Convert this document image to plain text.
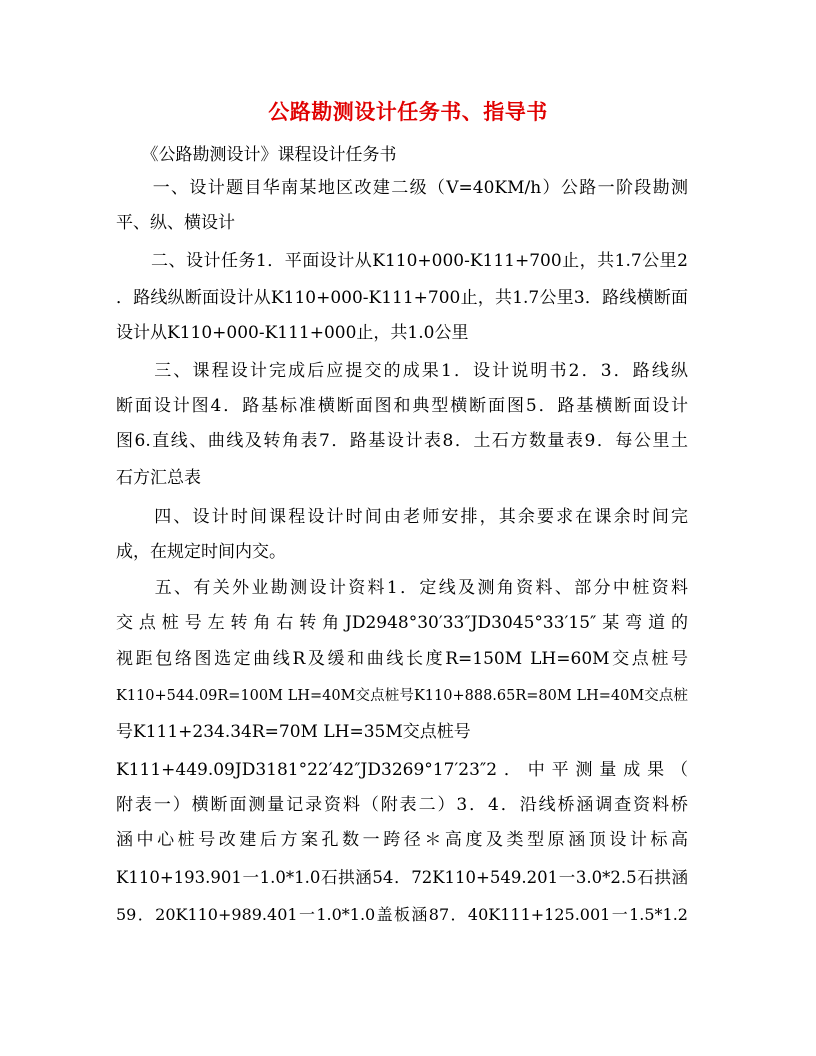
公路勘测设计任务书、指导书
　　《公路勘测设计》课程设计任务书
　　一、设计题目华南某地区改建二级（V=40KM/h）公路一阶段勘测
平、纵、横设计
　　二、设计任务1．平面设计从K110+000-K111+700止，共1.7公里2
．路线纵断面设计从K110+000-K111+700止，共1.7公里3．路线横断面
设计从K110+000-K111+000止，共1.0公里
　　三、课程设计完成后应提交的成果1．设计说明书2．3．路线纵
断面设计图4．路基标准横断面图和典型横断面图5．路基横断面设计
图6.直线、曲线及转角表7．路基设计表8．土石方数量表9．每公里土
石方汇总表
　　四、设计时间课程设计时间由老师安排，其余要求在课余时间完
成，在规定时间内交。
　　五、有关外业勘测设计资料1．定线及测角资料、部分中桩资料
交点桩号左转角右转角JD2948°30′33″JD3045°33′15″某弯道的
视距包络图选定曲线R及缓和曲线长度R=150M LH=60M交点桩号
K110+544.09R=100M LH=40M交点桩号K110+888.65R=80M LH=40M交点桩
号K111+234.34R=70M LH=35M交点桩号
K111+449.09JD3181°22′42″JD3269°17′23″2．中平测量成果（
附表一）横断面测量记录资料（附表二）3．4．沿线桥涵调查资料桥
涵中心桩号改建后方案孔数一跨径＊高度及类型原涵顶设计标高
K110+193.901一1.0*1.0石拱涵54．72K110+549.201一3.0*2.5石拱涵
59．20K110+989.401一1.0*1.0盖板涵87．40K111+125.001一1.5*1.2
